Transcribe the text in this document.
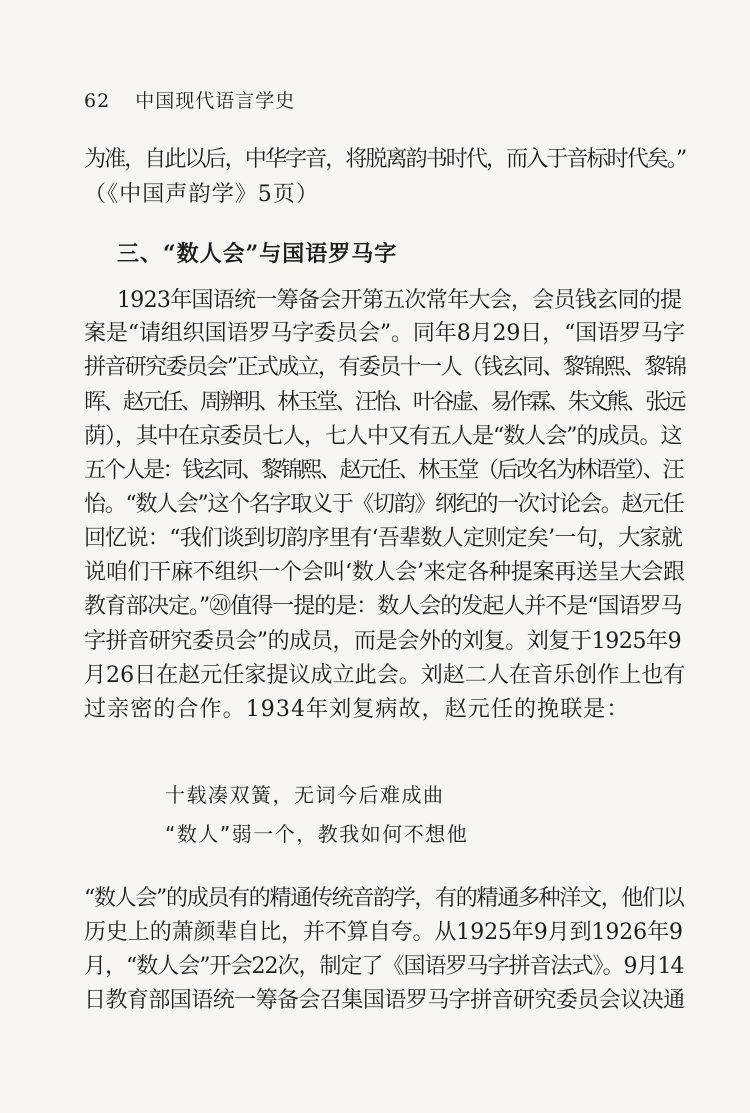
62 中国现代语言学史
为准，自此以后，中华字音，将脱离韵书时代，而入于音标时代矣。”
（《中国声韵学》5页）
三、“数人会”与国语罗马字
1923年国语统一筹备会开第五次常年大会，会员钱玄同的提
案是“请组织国语罗马字委员会”。同年8月29日，“国语罗马字
拼音研究委员会”正式成立，有委员十一人（钱玄同、黎锦熙、黎锦
晖、赵元任、周辨明、林玉堂、汪怡、叶谷虚、易作霖、朱文熊、张远
荫），其中在京委员七人，七人中又有五人是“数人会”的成员。这
五个人是：钱玄同、黎锦熙、赵元任、林玉堂（后改名为林语堂）、汪
怡。“数人会”这个名字取义于《切韵》纲纪的一次讨论会。赵元任
回忆说：“我们谈到切韵序里有‘吾辈数人定则定矣’一句，大家就
说咱们干麻不组织一个会叫‘数人会’来定各种提案再送呈大会跟
教育部决定。”⑳值得一提的是：数人会的发起人并不是“国语罗马
字拼音研究委员会”的成员，而是会外的刘复。刘复于1925年9
月26日在赵元任家提议成立此会。刘赵二人在音乐创作上也有
过亲密的合作。1934年刘复病故，赵元任的挽联是：
十载凑双簧，无词今后难成曲
“数人”弱一个，教我如何不想他
“数人会”的成员有的精通传统音韵学，有的精通多种洋文，他们以
历史上的萧颜辈自比，并不算自夸。从1925年9月到1926年9
月，“数人会”开会22次，制定了《国语罗马字拼音法式》。9月14
日教育部国语统一筹备会召集国语罗马字拼音研究委员会议决通
